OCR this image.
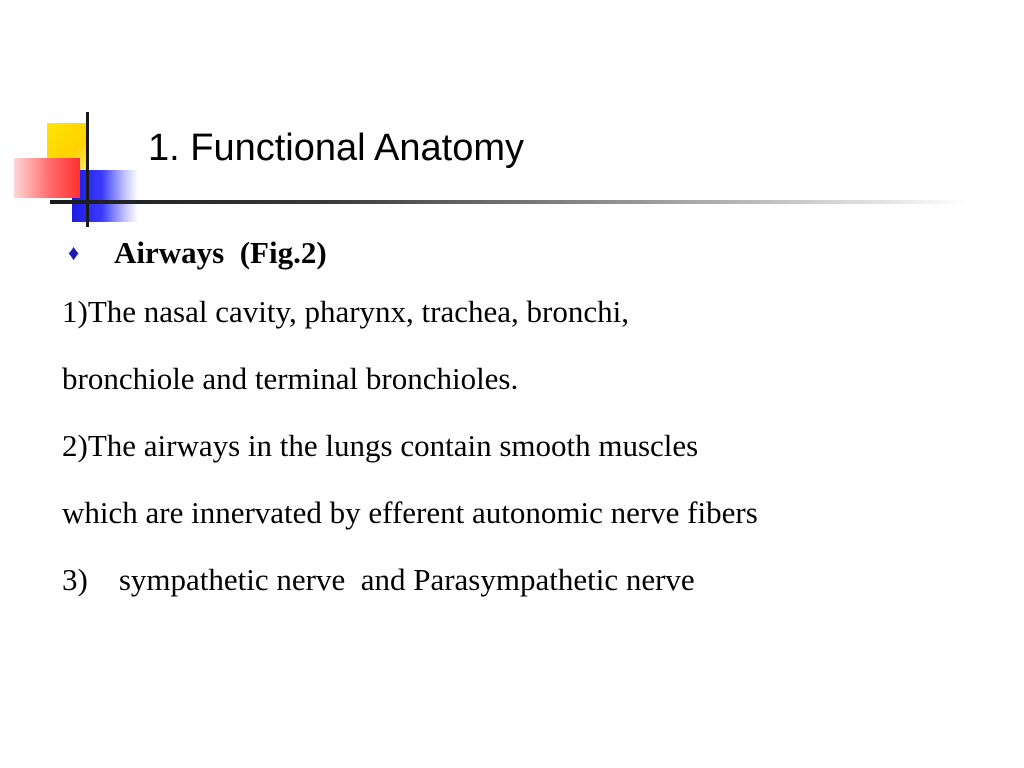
1. Functional Anatomy
♦	Airways  (Fig.2)
1)The nasal cavity, pharynx, trachea, bronchi,
bronchiole and terminal bronchioles.
2)The airways in the lungs contain smooth muscles
which are innervated by efferent autonomic nerve fibers
3)    sympathetic nerve  and Parasympathetic nerve
